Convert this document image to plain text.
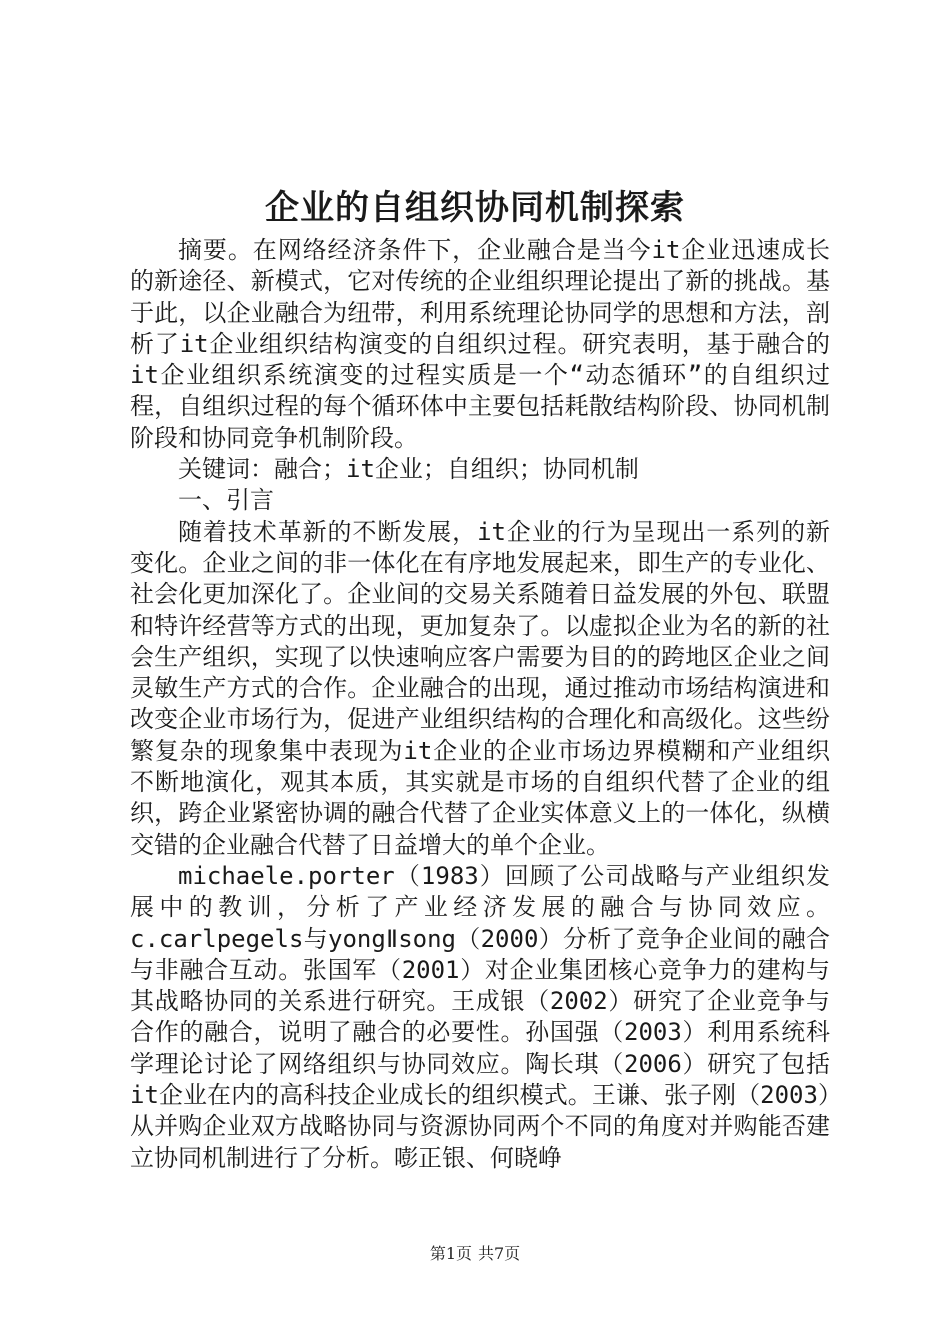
企业的自组织协同机制探索

摘要。在网络经济条件下，企业融合是当今it企业迅速成长的新途径、新模式，它对传统的企业组织理论提出了新的挑战。基于此，以企业融合为纽带，利用系统理论协同学的思想和方法，剖析了it企业组织结构演变的自组织过程。研究表明，基于融合的it企业组织系统演变的过程实质是一个“动态循环”的自组织过程，自组织过程的每个循环体中主要包括耗散结构阶段、协同机制阶段和协同竞争机制阶段。

关键词：融合；it企业；自组织；协同机制

一、引言

随着技术革新的不断发展，it企业的行为呈现出一系列的新变化。企业之间的非一体化在有序地发展起来，即生产的专业化、社会化更加深化了。企业间的交易关系随着日益发展的外包、联盟和特许经营等方式的出现，更加复杂了。以虚拟企业为名的新的社会生产组织，实现了以快速响应客户需要为目的的跨地区企业之间灵敏生产方式的合作。企业融合的出现，通过推动市场结构演进和改变企业市场行为，促进产业组织结构的合理化和高级化。这些纷繁复杂的现象集中表现为it企业的企业市场边界模糊和产业组织不断地演化，观其本质，其实就是市场的自组织代替了企业的组织，跨企业紧密协调的融合代替了企业实体意义上的一体化，纵横交错的企业融合代替了日益增大的单个企业。

michaele.porter（1983）回顾了公司战略与产业组织发展中的教训，分析了产业经济发展的融合与协同效应。c.carlpegels与yongⅡsong（2000）分析了竞争企业间的融合与非融合互动。张国军（2001）对企业集团核心竞争力的建构与其战略协同的关系进行研究。王成银（2002）研究了企业竞争与合作的融合，说明了融合的必要性。孙国强（2003）利用系统科学理论讨论了网络组织与协同效应。陶长琪（2006）研究了包括it企业在内的高科技企业成长的组织模式。王谦、张子刚（2003）从并购企业双方战略协同与资源协同两个不同的角度对并购能否建立协同机制进行了分析。嘭正银、何晓峥

第1页 共7页
